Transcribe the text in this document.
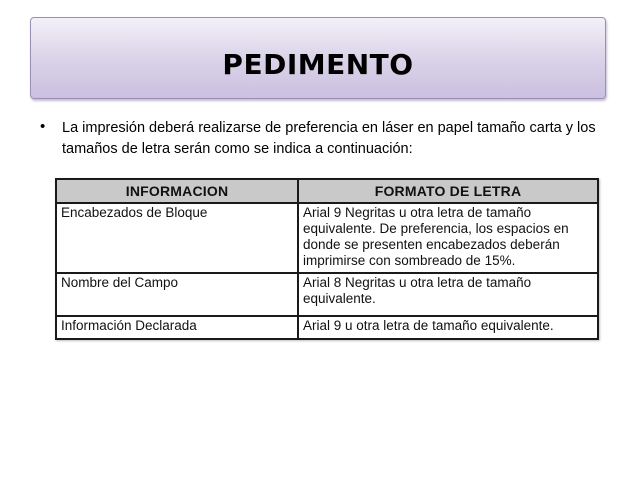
PEDIMENTO
• La impresión deberá realizarse de preferencia en láser en papel tamaño carta y los tamaños de letra serán como se indica a continuación:
INFORMACION	FORMATO DE LETRA
Encabezados de Bloque	Arial 9 Negritas u otra letra de tamaño equivalente. De preferencia, los espacios en donde se presenten encabezados deberán imprimirse con sombreado de 15%.
Nombre del Campo	Arial 8 Negritas u otra letra de tamaño equivalente.
Información Declarada	Arial 9 u otra letra de tamaño equivalente.
